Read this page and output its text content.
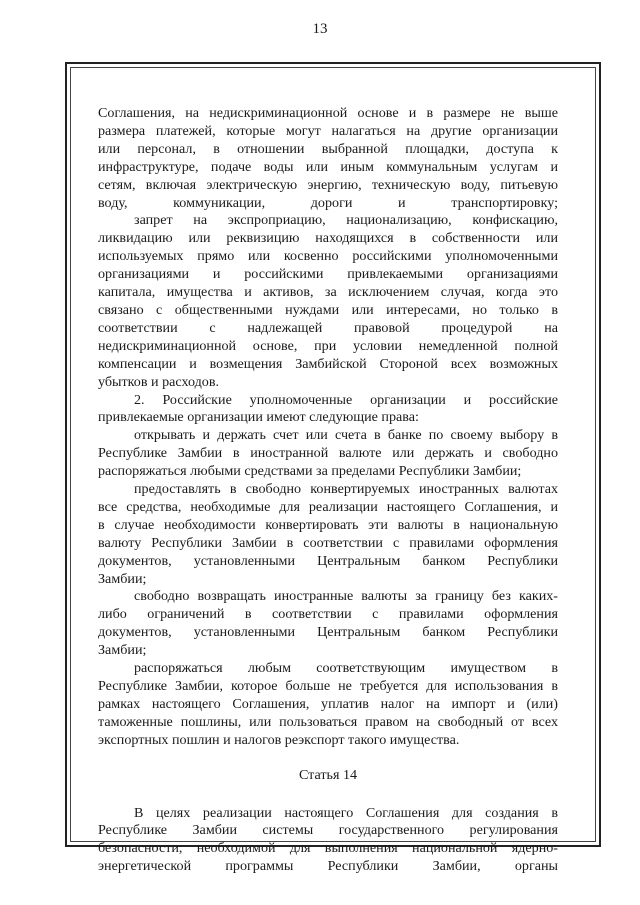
13

Соглашения, на недискриминационной основе и в размере не выше

размера платежей, которые могут налагаться на другие организации

или персонал, в отношении выбранной площадки, доступа к

инфраструктуре, подаче воды или иным коммунальным услугам и

сетям, включая электрическую энергию, техническую воду, питьевую

воду, коммуникации, дороги и транспортировку;

запрет на экспроприацию, национализацию, конфискацию,

ликвидацию или реквизицию находящихся в собственности или

используемых прямо или косвенно российскими уполномоченными

организациями и российскими привлекаемыми организациями

капитала, имущества и активов, за исключением случая, когда это

связано с общественными нуждами или интересами, но только в

соответствии с надлежащей правовой процедурой на

недискриминационной основе, при условии немедленной полной

компенсации и возмещения Замбийской Стороной всех возможных

убытков и расходов.

2. Российские уполномоченные организации и российские

привлекаемые организации имеют следующие права:

открывать и держать счет или счета в банке по своему выбору в

Республике Замбии в иностранной валюте или держать и свободно

распоряжаться любыми средствами за пределами Республики Замбии;

предоставлять в свободно конвертируемых иностранных валютах

все средства, необходимые для реализации настоящего Соглашения, и

в случае необходимости конвертировать эти валюты в национальную

валюту Республики Замбии в соответствии с правилами оформления

документов, установленными Центральным банком Республики

Замбии;

свободно возвращать иностранные валюты за границу без каких-

либо ограничений в соответствии с правилами оформления

документов, установленными Центральным банком Республики

Замбии;

распоряжаться любым соответствующим имуществом в

Республике Замбии, которое больше не требуется для использования в

рамках настоящего Соглашения, уплатив налог на импорт и (или)

таможенные пошлины, или пользоваться правом на свободный от всех

экспортных пошлин и налогов реэкспорт такого имущества.

Статья 14

В целях реализации настоящего Соглашения для создания в

Республике Замбии системы государственного регулирования

безопасности, необходимой для выполнения национальной ядерно-

энергетической программы Республики Замбии, органы
